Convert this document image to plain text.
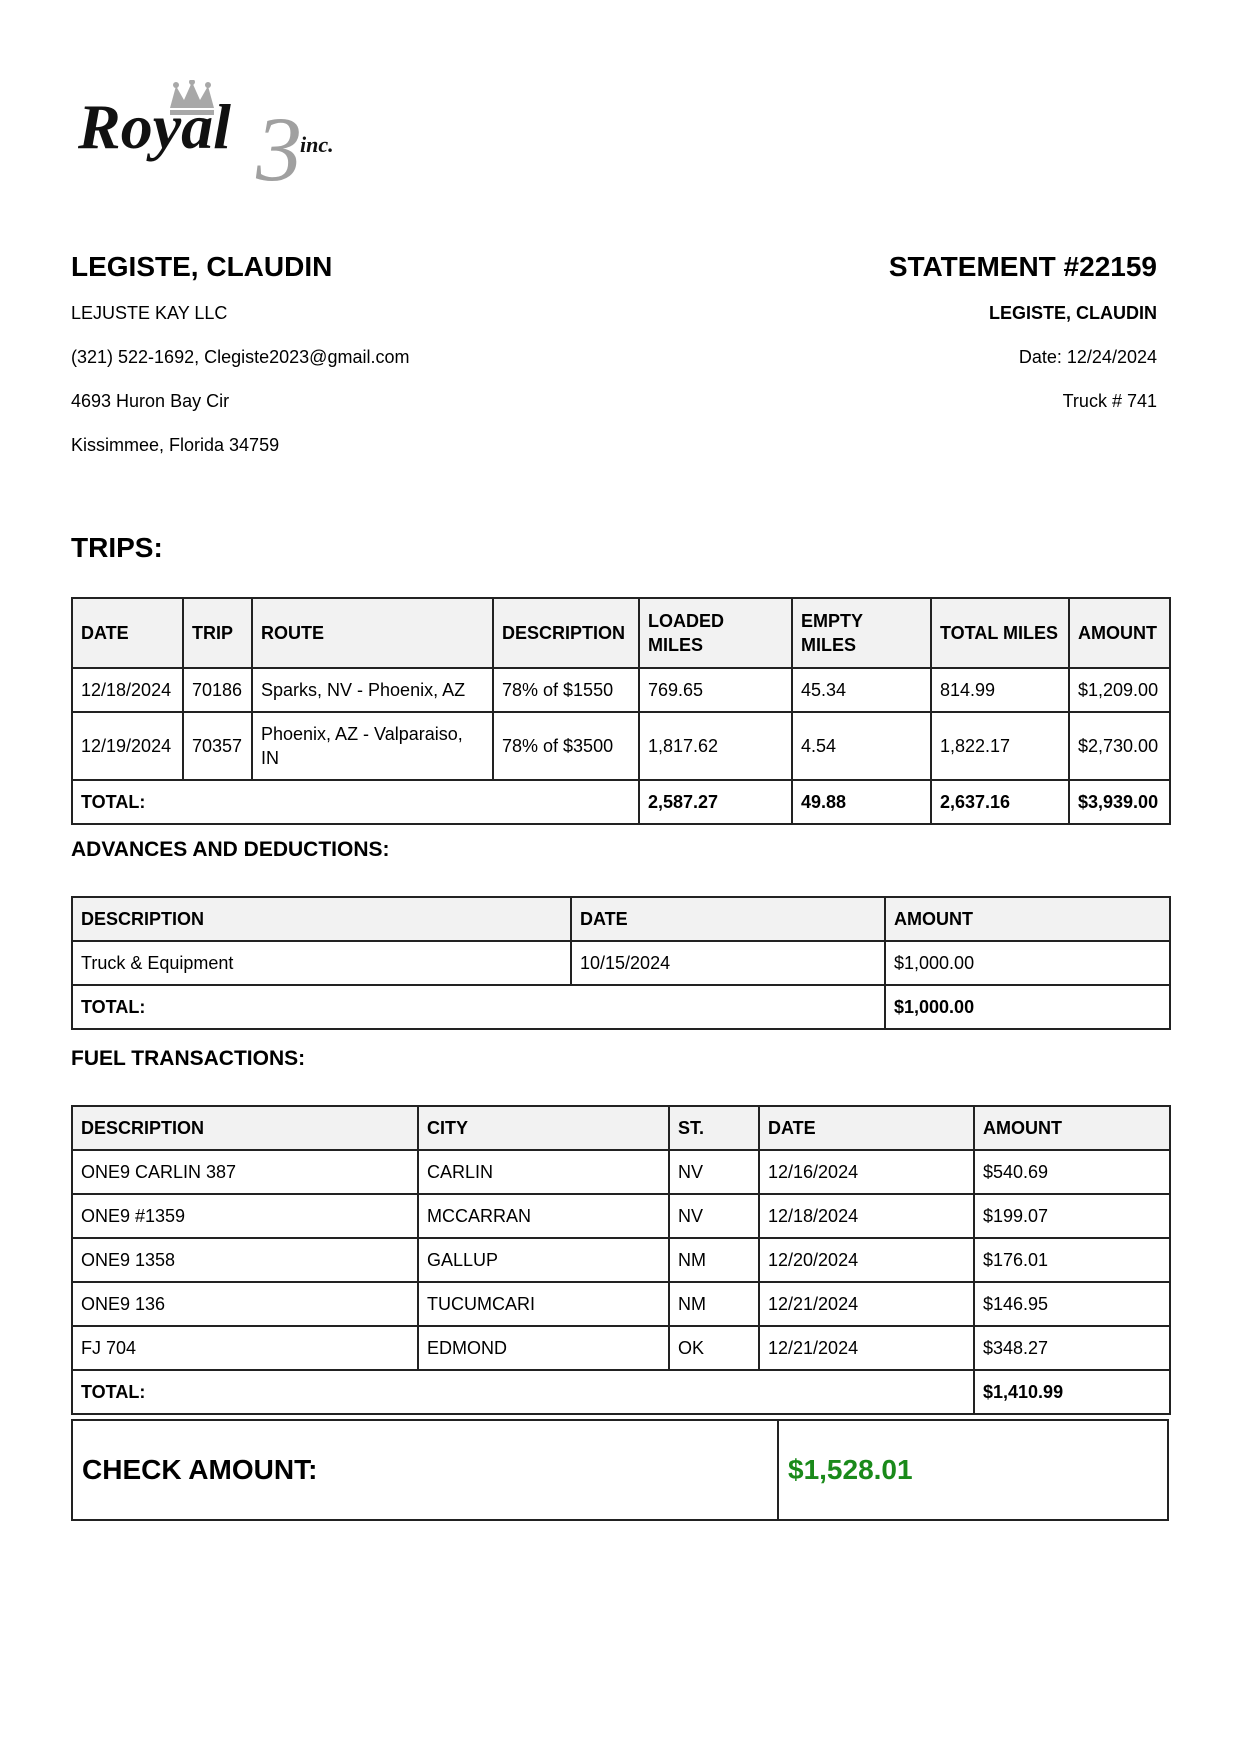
3
Royal	inc.
LEGISTE, CLAUDIN
LEJUSTE KAY LLC
(321) 522-1692, Clegiste2023@gmail.com
4693 Huron Bay Cir
Kissimmee, Florida 34759
STATEMENT #22159
LEGISTE, CLAUDIN
Date: 12/24/2024
Truck # 741
TRIPS:
DATE	TRIP	ROUTE	DESCRIPTION	LOADED MILES	EMPTY MILES	TOTAL MILES	AMOUNT
12/18/2024	70186	Sparks, NV - Phoenix, AZ	78% of $1550	769.65	45.34	814.99	$1,209.00
12/19/2024	70357	Phoenix, AZ - Valparaiso, IN	78% of $3500	1,817.62	4.54	1,822.17	$2,730.00
TOTAL:				2,587.27	49.88	2,637.16	$3,939.00
ADVANCES AND DEDUCTIONS:
DESCRIPTION	DATE	AMOUNT
Truck & Equipment	10/15/2024	$1,000.00
TOTAL:		$1,000.00
FUEL TRANSACTIONS:
DESCRIPTION	CITY	ST.	DATE	AMOUNT
ONE9 CARLIN 387	CARLIN	NV	12/16/2024	$540.69
ONE9 #1359	MCCARRAN	NV	12/18/2024	$199.07
ONE9 1358	GALLUP	NM	12/20/2024	$176.01
ONE9 136	TUCUMCARI	NM	12/21/2024	$146.95
FJ 704	EDMOND	OK	12/21/2024	$348.27
TOTAL:				$1,410.99
CHECK AMOUNT:	$1,528.01
